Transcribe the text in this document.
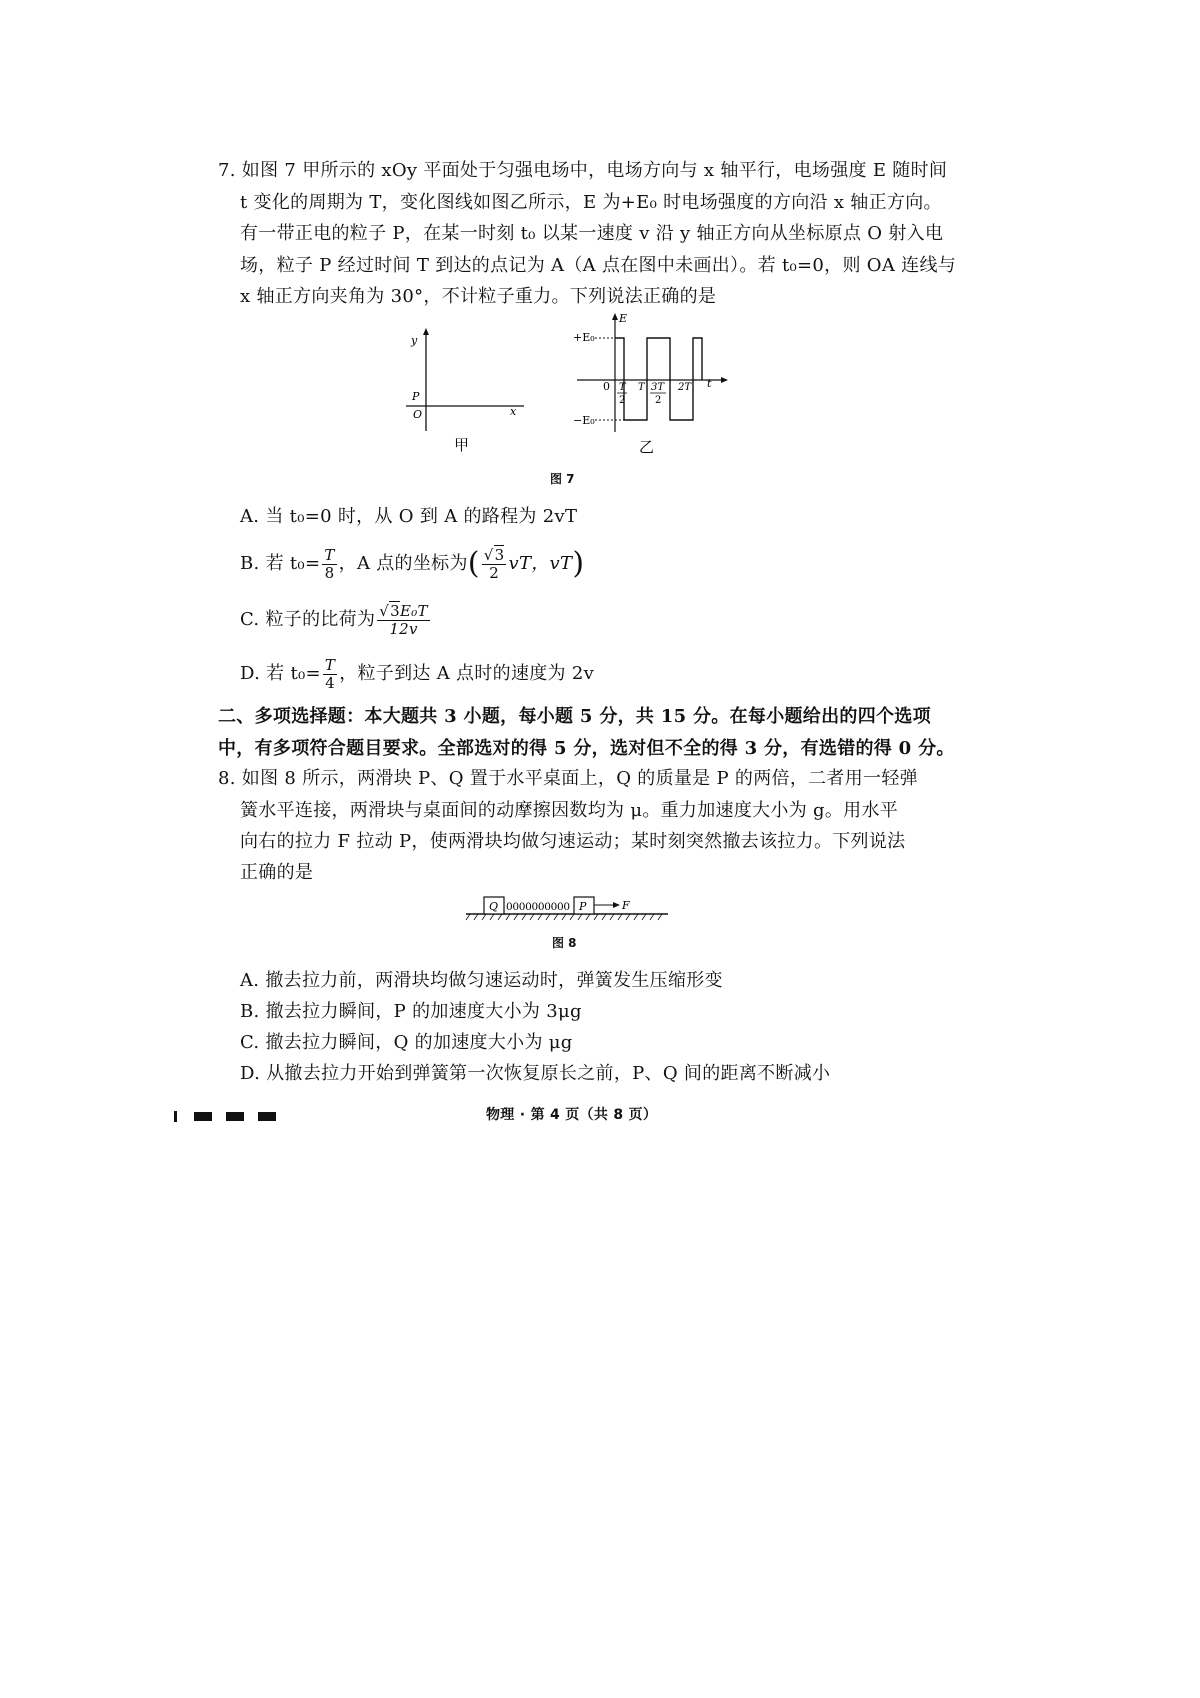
7. 如图 7 甲所示的 xOy 平面处于匀强电场中，电场方向与 x 轴平行，电场强度 E 随时间
t 变化的周期为 T，变化图线如图乙所示，E 为+E₀ 时电场强度的方向沿 x 轴正方向。
有一带正电的粒子 P，在某一时刻 t₀ 以某一速度 v 沿 y 轴正方向从坐标原点 O 射入电
场，粒子 P 经过时间 T 到达的点记为 A（A 点在图中未画出）。若 t₀=0，则 OA 连线与
x 轴正方向夹角为 30°，不计粒子重力。下列说法正确的是
y
x
O
P
甲
E
+E₀
−E₀
0 T
2
T 3T
2
2T t
乙
图 7
A. 当 t₀=0 时，从 O 到 A 的路程为 2vT
B. 若 $t_0= \frac{T}{8}$ ，A 点的坐标为( $\frac{√3}{2}$ vT，vT)
C. 粒子的比荷为 $\frac{\text{√3E₀T}}{12v}$
D. 若 $t_0= \frac{T}{4}$ ，粒子到达 A 点时的速度为 2v
二、多项选择题：本大题共 3 小题，每小题 5 分，共 15 分。在每小题给出的四个选项
中，有多项符合题目要求。全部选对的得 5 分，选对但不全的得 3 分，有选错的得 0 分。
8. 如图 8 所示，两滑块 P、Q 置于水平桌面上，Q 的质量是 P 的两倍，二者用一轻弹
簧水平连接，两滑块与桌面间的动摩擦因数均为 μ。重力加速度大小为 g。用水平
向右的拉力 F 拉动 P，使两滑块均做匀速运动；某时刻突然撤去该拉力。下列说法
正确的是
Q 0000000000 P	F
图 8
A. 撤去拉力前，两滑块均做匀速运动时，弹簧发生压缩形变
B. 撤去拉力瞬间，P 的加速度大小为 3μg
C. 撤去拉力瞬间，Q 的加速度大小为 μg
D. 从撤去拉力开始到弹簧第一次恢复原长之前，P、Q 间的距离不断减小
物理 · 第 4 页（共 8 页）
